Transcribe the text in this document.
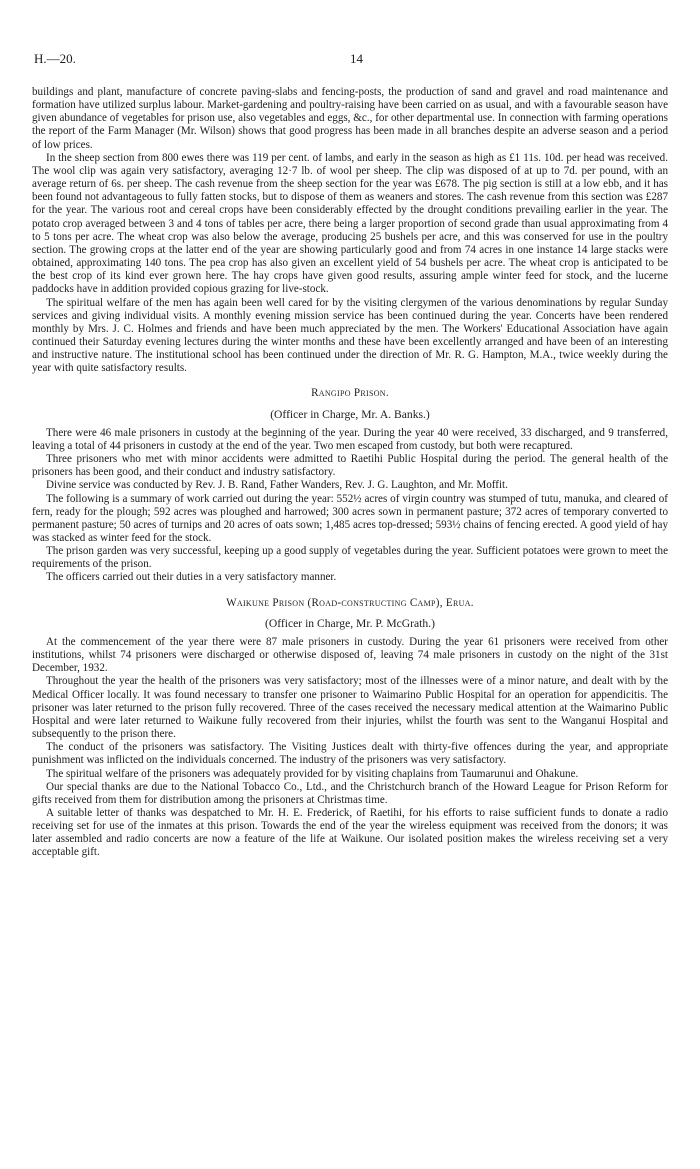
H.—20.	14

buildings and plant, manufacture of concrete paving-slabs and fencing-posts, the production of sand and gravel and road maintenance and formation have utilized surplus labour. Market-gardening and poultry-raising have been carried on as usual, and with a favourable season have given abundance of vegetables for prison use, also vegetables and eggs, &c., for other departmental use. In connection with farming operations the report of the Farm Manager (Mr. Wilson) shows that good progress has been made in all branches despite an adverse season and a period of low prices.

In the sheep section from 800 ewes there was 119 per cent. of lambs, and early in the season as high as £1 11s. 10d. per head was received. The wool clip was again very satisfactory, averaging 12·7 lb. of wool per sheep. The clip was disposed of at up to 7d. per pound, with an average return of 6s. per sheep. The cash revenue from the sheep section for the year was £678. The pig section is still at a low ebb, and it has been found not advantageous to fully fatten stocks, but to dispose of them as weaners and stores. The cash revenue from this section was £287 for the year. The various root and cereal crops have been considerably effected by the drought conditions prevailing earlier in the year. The potato crop averaged between 3 and 4 tons of tables per acre, there being a larger proportion of second grade than usual approximating from 4 to 5 tons per acre. The wheat crop was also below the average, producing 25 bushels per acre, and this was conserved for use in the poultry section. The growing crops at the latter end of the year are showing particularly good and from 74 acres in one instance 14 large stacks were obtained, approximating 140 tons. The pea crop has also given an excellent yield of 54 bushels per acre. The wheat crop is anticipated to be the best crop of its kind ever grown here. The hay crops have given good results, assuring ample winter feed for stock, and the lucerne paddocks have in addition provided copious grazing for live-stock.

The spiritual welfare of the men has again been well cared for by the visiting clergymen of the various denominations by regular Sunday services and giving individual visits. A monthly evening mission service has been continued during the year. Concerts have been rendered monthly by Mrs. J. C. Holmes and friends and have been much appreciated by the men. The Workers' Educational Association have again continued their Saturday evening lectures during the winter months and these have been excellently arranged and have been of an interesting and instructive nature. The institutional school has been continued under the direction of Mr. R. G. Hampton, M.A., twice weekly during the year with quite satisfactory results.

Rangipo Prison.
(Officer in Charge, Mr. A. Banks.)

There were 46 male prisoners in custody at the beginning of the year. During the year 40 were received, 33 discharged, and 9 transferred, leaving a total of 44 prisoners in custody at the end of the year. Two men escaped from custody, but both were recaptured.

Three prisoners who met with minor accidents were admitted to Raetihi Public Hospital during the period. The general health of the prisoners has been good, and their conduct and industry satisfactory.

Divine service was conducted by Rev. J. B. Rand, Father Wanders, Rev. J. G. Laughton, and Mr. Moffit.

The following is a summary of work carried out during the year: 552½ acres of virgin country was stumped of tutu, manuka, and cleared of fern, ready for the plough; 592 acres was ploughed and harrowed; 300 acres sown in permanent pasture; 372 acres of temporary converted to permanent pasture; 50 acres of turnips and 20 acres of oats sown; 1,485 acres top-dressed; 593½ chains of fencing erected. A good yield of hay was stacked as winter feed for the stock.

The prison garden was very successful, keeping up a good supply of vegetables during the year. Sufficient potatoes were grown to meet the requirements of the prison.

The officers carried out their duties in a very satisfactory manner.

Waikune Prison (Road-constructing Camp), Erua.
(Officer in Charge, Mr. P. McGrath.)

At the commencement of the year there were 87 male prisoners in custody. During the year 61 prisoners were received from other institutions, whilst 74 prisoners were discharged or otherwise disposed of, leaving 74 male prisoners in custody on the night of the 31st December, 1932.

Throughout the year the health of the prisoners was very satisfactory; most of the illnesses were of a minor nature, and dealt with by the Medical Officer locally. It was found necessary to transfer one prisoner to Waimarino Public Hospital for an operation for appendicitis. The prisoner was later returned to the prison fully recovered. Three of the cases received the necessary medical attention at the Waimarino Public Hospital and were later returned to Waikune fully recovered from their injuries, whilst the fourth was sent to the Wanganui Hospital and subsequently to the prison there.

The conduct of the prisoners was satisfactory. The Visiting Justices dealt with thirty-five offences during the year, and appropriate punishment was inflicted on the individuals concerned. The industry of the prisoners was very satisfactory.

The spiritual welfare of the prisoners was adequately provided for by visiting chaplains from Taumarunui and Ohakune.

Our special thanks are due to the National Tobacco Co., Ltd., and the Christchurch branch of the Howard League for Prison Reform for gifts received from them for distribution among the prisoners at Christmas time.

A suitable letter of thanks was despatched to Mr. H. E. Frederick, of Raetihi, for his efforts to raise sufficient funds to donate a radio receiving set for use of the inmates at this prison. Towards the end of the year the wireless equipment was received from the donors; it was later assembled and radio concerts are now a feature of the life at Waikune. Our isolated position makes the wireless receiving set a very acceptable gift.
